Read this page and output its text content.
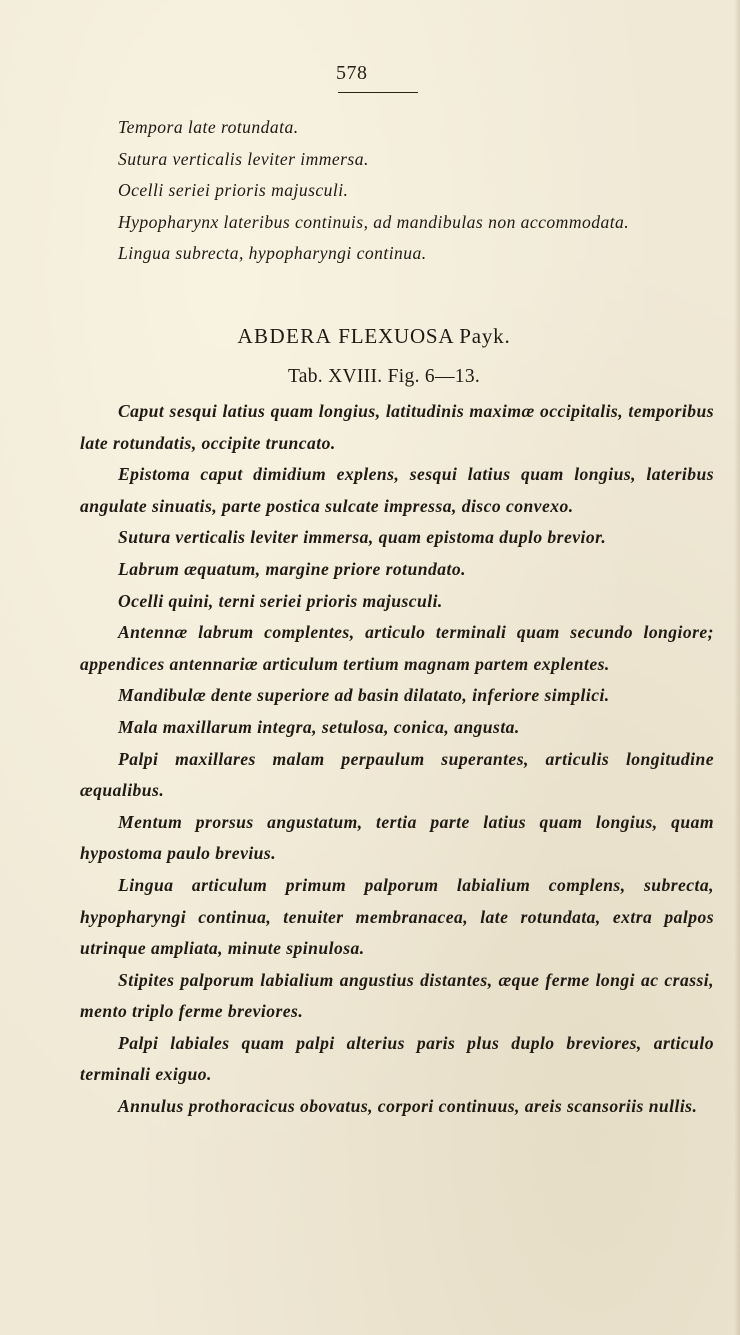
578

Tempora late rotundata.

Sutura verticalis leviter immersa.

Ocelli seriei prioris majusculi.

Hypopharynx lateribus continuis, ad mandibulas non accommodata.

Lingua subrecta, hypopharyngi continua.

ABDERA FLEXUOSA Payk.
Tab. XVIII. Fig. 6—13.

Caput sesqui latius quam longius, latitudinis maximæ occipitalis, temporibus late rotundatis, occipite truncato.

Epistoma caput dimidium explens, sesqui latius quam longius, lateribus angulate sinuatis, parte postica sulcate impressa, disco convexo.

Sutura verticalis leviter immersa, quam epistoma duplo brevior.

Labrum æquatum, margine priore rotundato.

Ocelli quini, terni seriei prioris majusculi.

Antennæ labrum complentes, articulo terminali quam secundo longiore; appendices antennariæ articulum tertium magnam partem explentes.

Mandibulæ dente superiore ad basin dilatato, inferiore simplici.

Mala maxillarum integra, setulosa, conica, angusta.

Palpi maxillares malam perpaulum superantes, articulis longitudine æqualibus.

Mentum prorsus angustatum, tertia parte latius quam longius, quam hypostoma paulo brevius.

Lingua articulum primum palporum labialium complens, subrecta, hypopharyngi continua, tenuiter membranacea, late rotundata, extra palpos utrinque ampliata, minute spinulosa.

Stipites palporum labialium angustius distantes, æque ferme longi ac crassi, mento triplo ferme breviores.

Palpi labiales quam palpi alterius paris plus duplo breviores, articulo terminali exiguo.

Annulus prothoracicus obovatus, corpori continuus, areis scansoriis nullis.
